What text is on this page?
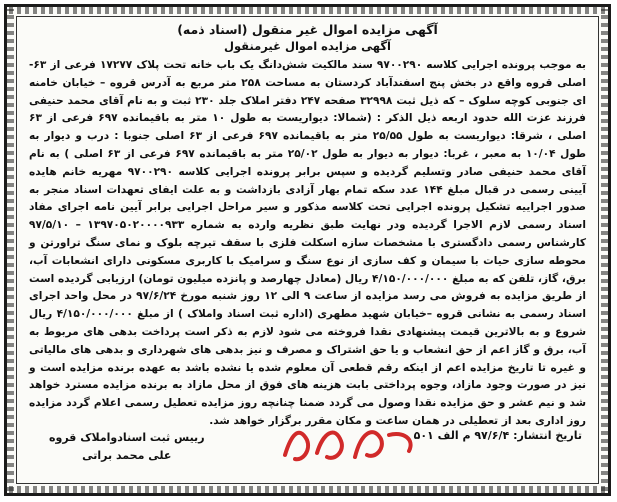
آگهی مزایده اموال غیر منقول (اسناد ذمه)

آگهی مزایده اموال غیرمنقول

به موجب پرونده اجرایی کلاسه ۹۷۰۰۲۹۰ سند مالکیت شش‌دانگ یک باب خانه تحت پلاک ۱۷۲۷۷ فرعی از ۶۳- اصلی قروه واقع در بخش پنج اسفندآباد کردستان به مساحت ۲۵۸ متر مربع به آدرس قروه – خیابان خامنه ای جنوبی کوچه سلوک – که ذیل ثبت ۳۲۹۹۸ صفحه ۲۴۷ دفتر املاک جلد ۲۳۰ ثبت و به نام آقای محمد حنیفی فرزند عزت الله حدود اربعه ذیل الذکر : (شمالا: دیواریست به طول ۱۰ متر به باقیمانده ۶۹۷ فرعی از ۶۳ اصلی ، شرقا: دیواریست به طول ۲۵/۵۵ متر به باقیمانده ۶۹۷ فرعی از ۶۳ اصلی جنوبا : درب و دیوار به طول ۱۰/۰۴ به معبر ، غربا: دیوار به دیوار به طول ۲۵/۰۲ متر به باقیمانده ۶۹۷ فرعی از ۶۳ اصلی ) به نام آقای محمد حنیفی صادر وتسلیم گردیده و سپس برابر پرونده اجرایی کلاسه ۹۷۰۰۲۹۰ مهریه خانم هایده آیینی رسمی در قبال مبلغ ۱۴۴ عدد سکه تمام بهار آزادی بازداشت و به علت ایفای تعهدات اسناد منجر به صدور اجراییه تشکیل پرونده اجرایی تحت کلاسه مذکور و سیر مراحل اجرایی برابر آیین نامه اجرای مفاد اسناد رسمی لازم الاجرا گردیده ودر نهایت طبق نظریه وارده به شماره ۱۳۹۷۰۵۰۲۰۰۰۰۹۳۳ – ۹۷/۵/۱۰ کارشناس رسمی دادگستری با مشخصات سازه اسکلت فلزی با سقف تیرچه بلوک و نمای سنگ تراورتن و محوطه سازی حیات با سیمان و کف سازی از نوع سنگ و سرامیک با کاربری مسکونی دارای انشعابات آب، برق، گاز، تلفن که به مبلغ ۴/۱۵۰/۰۰۰/۰۰۰ ریال (معادل چهارصد و پانزده میلیون تومان) ارزیابی گردیده است از طریق مزایده به فروش می رسد مزایده از ساعت ۹ الی ۱۲ روز شنبه مورخ ۹۷/۶/۲۴ در محل واحد اجرای اسناد رسمی به نشانی قروه –خیابان شهید مطهری (اداره ثبت اسناد واملاک ) از مبلغ ۴/۱۵۰/۰۰۰/۰۰۰ ریال شروع و به بالاترین قیمت پیشنهادی نقدا فروخته می شود لازم به ذکر است پرداخت بدهی های مربوط به آب، برق و گاز اعم از حق انشعاب و یا حق اشتراک و مصرف و نیز بدهی های شهرداری و بدهی های مالیاتی و غیره تا تاریخ مزایده اعم از اینکه رقم قطعی آن معلوم شده یا نشده باشد به عهده برنده مزایده است و نیز در صورت وجود مازاد، وجوه پرداختی بابت هزینه های فوق از محل مازاد به برنده مزایده مسترد خواهد شد و نیم عشر و حق مزایده نقدا وصول می گردد ضمنا چنانچه روز مزایده تعطیل رسمی اعلام گردد مزایده روز اداری بعد از تعطیلی در همان ساعت و مکان مقرر برگزار خواهد شد.

تاریخ انتشار: ۹۷/۶/۴ م الف ۵۰۱
رییس ثبت اسنادواملاک قروه
علی محمد براتی
